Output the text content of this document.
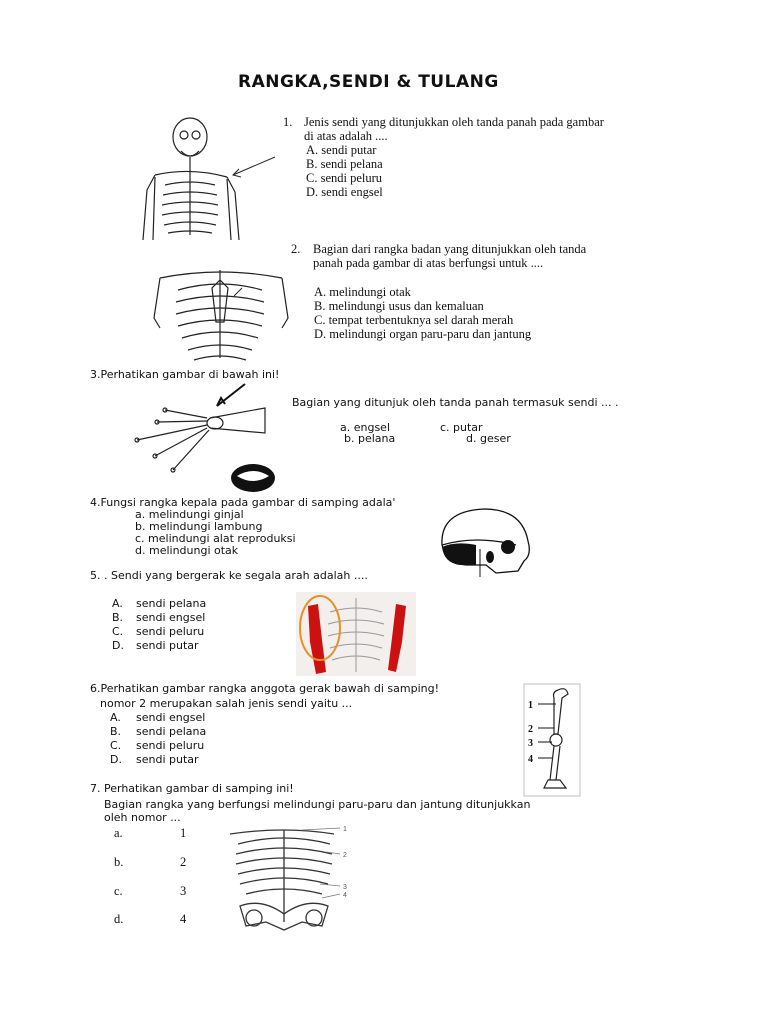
RANGKA,SENDI & TULANG
1. Jenis sendi yang ditunjukkan oleh tanda panah pada gambar
di atas adalah ....
A. sendi putar
B. sendi pelana
C. sendi peluru
D. sendi engsel
2. Bagian dari rangka badan yang ditunjukkan oleh tanda
panah pada gambar di atas berfungsi untuk ....
A. melindungi otak
B. melindungi usus dan kemaluan
C. tempat terbentuknya sel darah merah
D. melindungi organ paru-paru dan jantung
3.Perhatikan gambar di bawah ini!
Bagian yang ditunjuk oleh tanda panah termasuk sendi ... .
a. engsel	c. putar
b. pelana	d. geser
4.Fungsi rangka kepala pada gambar di samping adala'
a. melindungi ginjal
b. melindungi lambung
c. melindungi alat reproduksi
d. melindungi otak
5. . Sendi yang bergerak ke segala arah adalah ....
A. sendi pelana
B. sendi engsel
C. sendi peluru
D. sendi putar
6.Perhatikan gambar rangka anggota gerak bawah di samping!
nomor 2 merupakan salah jenis sendi yaitu ...
A. sendi engsel
B. sendi pelana
C. sendi peluru
D. sendi putar
1
2
3
4
7. Perhatikan gambar di samping ini!
Bagian rangka yang berfungsi melindungi paru-paru dan jantung ditunjukkan
oleh nomor ...
a.	1
b.	2
c.	3
d.	4
1
2
3
4
